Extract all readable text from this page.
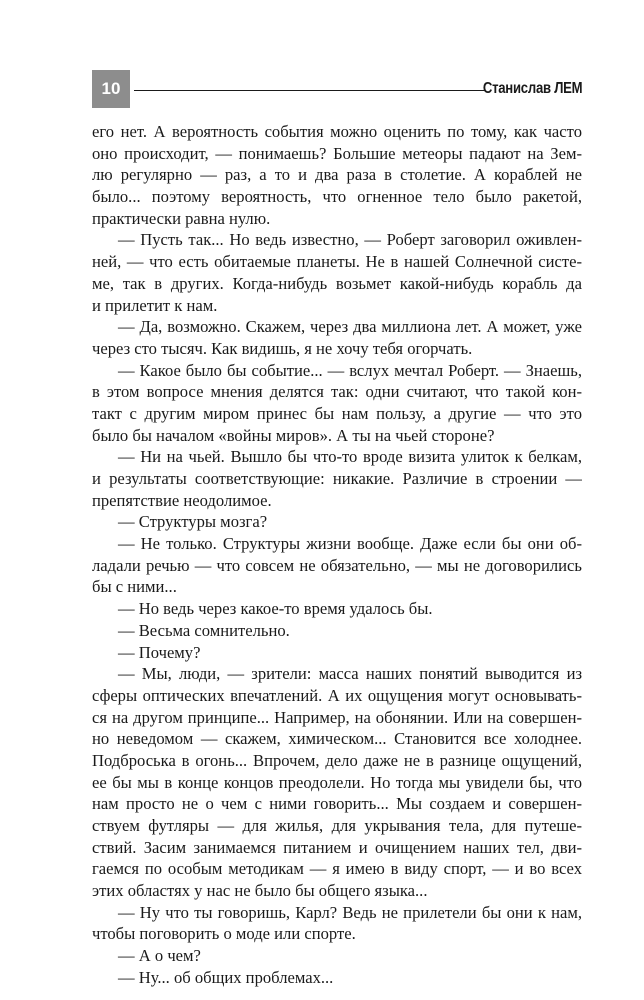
10	Станислав ЛЕМ
его нет. А вероятность события можно оценить по тому, как часто
оно происходит, — понимаешь? Большие метеоры падают на Зем-
лю регулярно — раз, а то и два раза в столетие. А кораблей не
было... поэтому вероятность, что огненное тело было ракетой,
практически равна нулю.
— Пусть так... Но ведь известно, — Роберт заговорил оживлен-
ней, — что есть обитаемые планеты. Не в нашей Солнечной систе-
ме, так в других. Когда-нибудь возьмет какой-нибудь корабль да
и прилетит к нам.
— Да, возможно. Скажем, через два миллиона лет. А может, уже
через сто тысяч. Как видишь, я не хочу тебя огорчать.
— Какое было бы событие... — вслух мечтал Роберт. — Знаешь,
в этом вопросе мнения делятся так: одни считают, что такой кон-
такт с другим миром принес бы нам пользу, а другие — что это
было бы началом «войны миров». А ты на чьей стороне?
— Ни на чьей. Вышло бы что-то вроде визита улиток к белкам,
и результаты соответствующие: никакие. Различие в строении —
препятствие неодолимое.
— Структуры мозга?
— Не только. Структуры жизни вообще. Даже если бы они об-
ладали речью — что совсем не обязательно, — мы не договорились
бы с ними...
— Но ведь через какое-то время удалось бы.
— Весьма сомнительно.
— Почему?
— Мы, люди, — зрители: масса наших понятий выводится из
сферы оптических впечатлений. А их ощущения могут основывать-
ся на другом принципе... Например, на обонянии. Или на совершен-
но неведомом — скажем, химическом... Становится все холоднее.
Подброська в огонь... Впрочем, дело даже не в разнице ощущений,
ее бы мы в конце концов преодолели. Но тогда мы увидели бы, что
нам просто не о чем с ними говорить... Мы создаем и совершен-
ствуем футляры — для жилья, для укрывания тела, для путеше-
ствий. Засим занимаемся питанием и очищением наших тел, дви-
гаемся по особым методикам — я имею в виду спорт, — и во всех
этих областях у нас не было бы общего языка...
— Ну что ты говоришь, Карл? Ведь не прилетели бы они к нам,
чтобы поговорить о моде или спорте.
— А о чем?
— Ну... об общих проблемах...
